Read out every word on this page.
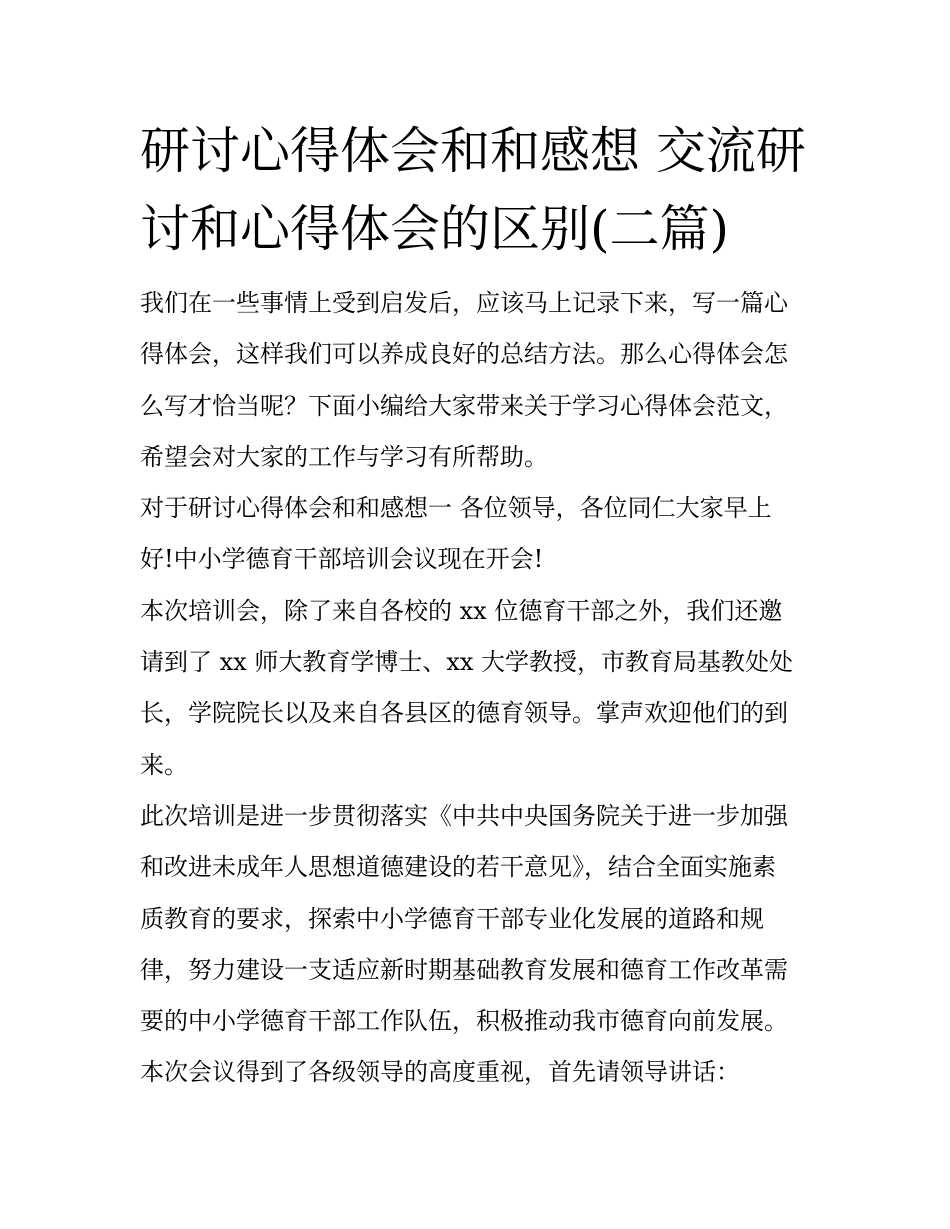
研讨心得体会和和感想 交流研
讨和心得体会的区别(二篇)

我们在一些事情上受到启发后，应该马上记录下来，写一篇心
得体会，这样我们可以养成良好的总结方法。那么心得体会怎
么写才恰当呢？下面小编给大家带来关于学习心得体会范文，
希望会对大家的工作与学习有所帮助。

对于研讨心得体会和和感想一 各位领导，各位同仁大家早上
好!中小学德育干部培训会议现在开会!

本次培训会，除了来自各校的 xx 位德育干部之外，我们还邀
请到了 xx 师大教育学博士、xx 大学教授，市教育局基教处处
长，学院院长以及来自各县区的德育领导。掌声欢迎他们的到
来。

此次培训是进一步贯彻落实《中共中央国务院关于进一步加强
和改进未成年人思想道德建设的若干意见》，结合全面实施素
质教育的要求，探索中小学德育干部专业化发展的道路和规
律，努力建设一支适应新时期基础教育发展和德育工作改革需
要的中小学德育干部工作队伍，积极推动我市德育向前发展。

本次会议得到了各级领导的高度重视，首先请领导讲话：
